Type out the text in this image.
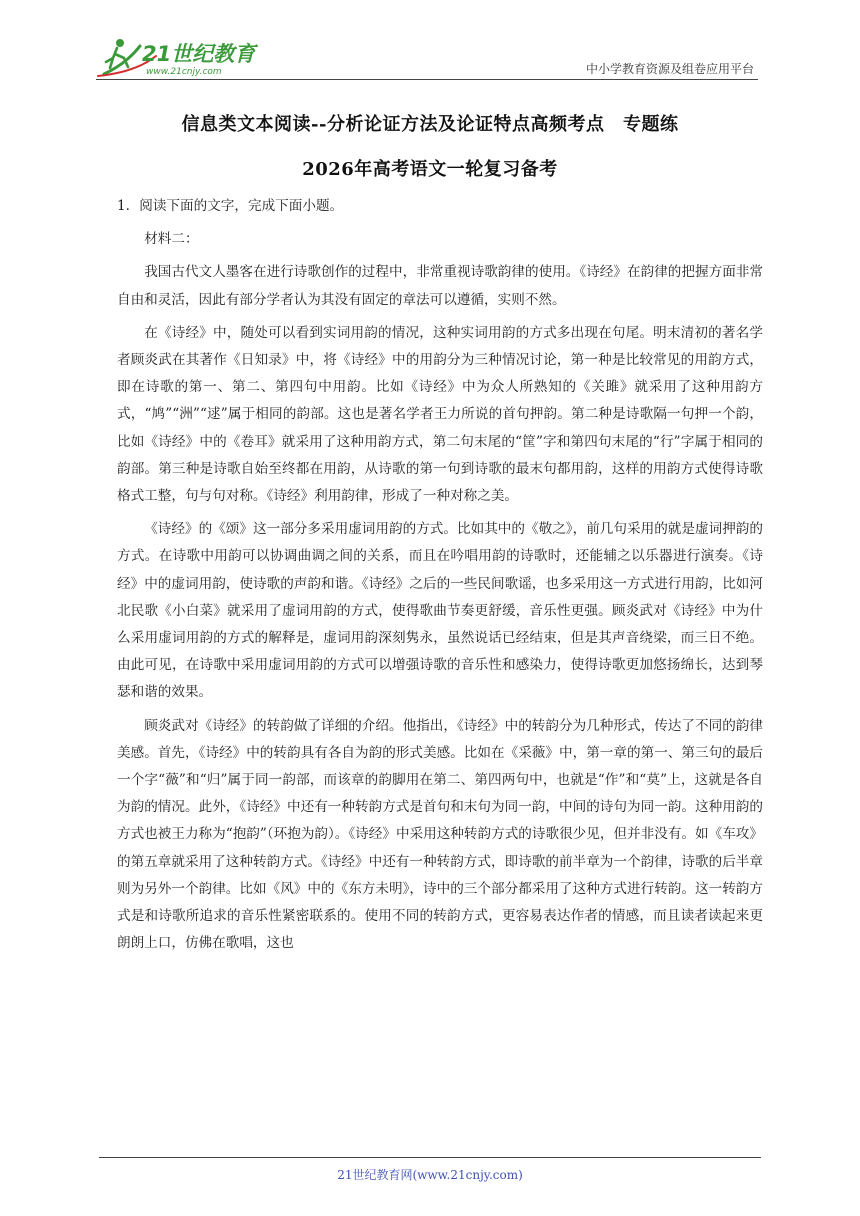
21世纪教育
www.21cnjy.com	中小学教育资源及组卷应用平台
信息类文本阅读--分析论证方法及论证特点高频考点　专题练
2026年高考语文一轮复习备考

1．阅读下面的文字，完成下面小题。

材料二：

我国古代文人墨客在进行诗歌创作的过程中，非常重视诗歌韵律的使用。《诗经》在韵律的把握方面非常自由和灵活，因此有部分学者认为其没有固定的章法可以遵循，实则不然。

在《诗经》中，随处可以看到实词用韵的情况，这种实词用韵的方式多出现在句尾。明末清初的著名学者顾炎武在其著作《日知录》中，将《诗经》中的用韵分为三种情况讨论，第一种是比较常见的用韵方式，即在诗歌的第一、第二、第四句中用韵。比如《诗经》中为众人所熟知的《关雎》就采用了这种用韵方式，“鸠”“洲”“逑”属于相同的韵部。这也是著名学者王力所说的首句押韵。第二种是诗歌隔一句押一个韵，比如《诗经》中的《卷耳》就采用了这种用韵方式，第二句末尾的“筐”字和第四句末尾的“行”字属于相同的韵部。第三种是诗歌自始至终都在用韵，从诗歌的第一句到诗歌的最末句都用韵，这样的用韵方式使得诗歌格式工整，句与句对称。《诗经》利用韵律，形成了一种对称之美。

《诗经》的《颂》这一部分多采用虚词用韵的方式。比如其中的《敬之》，前几句采用的就是虚词押韵的方式。在诗歌中用韵可以协调曲调之间的关系，而且在吟唱用韵的诗歌时，还能辅之以乐器进行演奏。《诗经》中的虚词用韵，使诗歌的声韵和谐。《诗经》之后的一些民间歌谣，也多采用这一方式进行用韵，比如河北民歌《小白菜》就采用了虚词用韵的方式，使得歌曲节奏更舒缓，音乐性更强。顾炎武对《诗经》中为什么采用虚词用韵的方式的解释是，虚词用韵深刻隽永，虽然说话已经结束，但是其声音绕梁，而三日不绝。由此可见，在诗歌中采用虚词用韵的方式可以增强诗歌的音乐性和感染力，使得诗歌更加悠扬绵长，达到琴瑟和谐的效果。

顾炎武对《诗经》的转韵做了详细的介绍。他指出，《诗经》中的转韵分为几种形式，传达了不同的韵律美感。首先，《诗经》中的转韵具有各自为韵的形式美感。比如在《采薇》中，第一章的第一、第三句的最后一个字“薇”和“归”属于同一韵部，而该章的韵脚用在第二、第四两句中，也就是“作”和“莫”上，这就是各自为韵的情况。此外，《诗经》中还有一种转韵方式是首句和末句为同一韵，中间的诗句为同一韵。这种用韵的方式也被王力称为“抱韵”（环抱为韵）。《诗经》中采用这种转韵方式的诗歌很少见，但并非没有。如《车攻》的第五章就采用了这种转韵方式。《诗经》中还有一种转韵方式，即诗歌的前半章为一个韵律，诗歌的后半章则为另外一个韵律。比如《风》中的《东方未明》，诗中的三个部分都采用了这种方式进行转韵。这一转韵方式是和诗歌所追求的音乐性紧密联系的。使用不同的转韵方式，更容易表达作者的情感，而且读者读起来更朗朗上口，仿佛在歌唱，这也

21世纪教育网(www.21cnjy.com)
